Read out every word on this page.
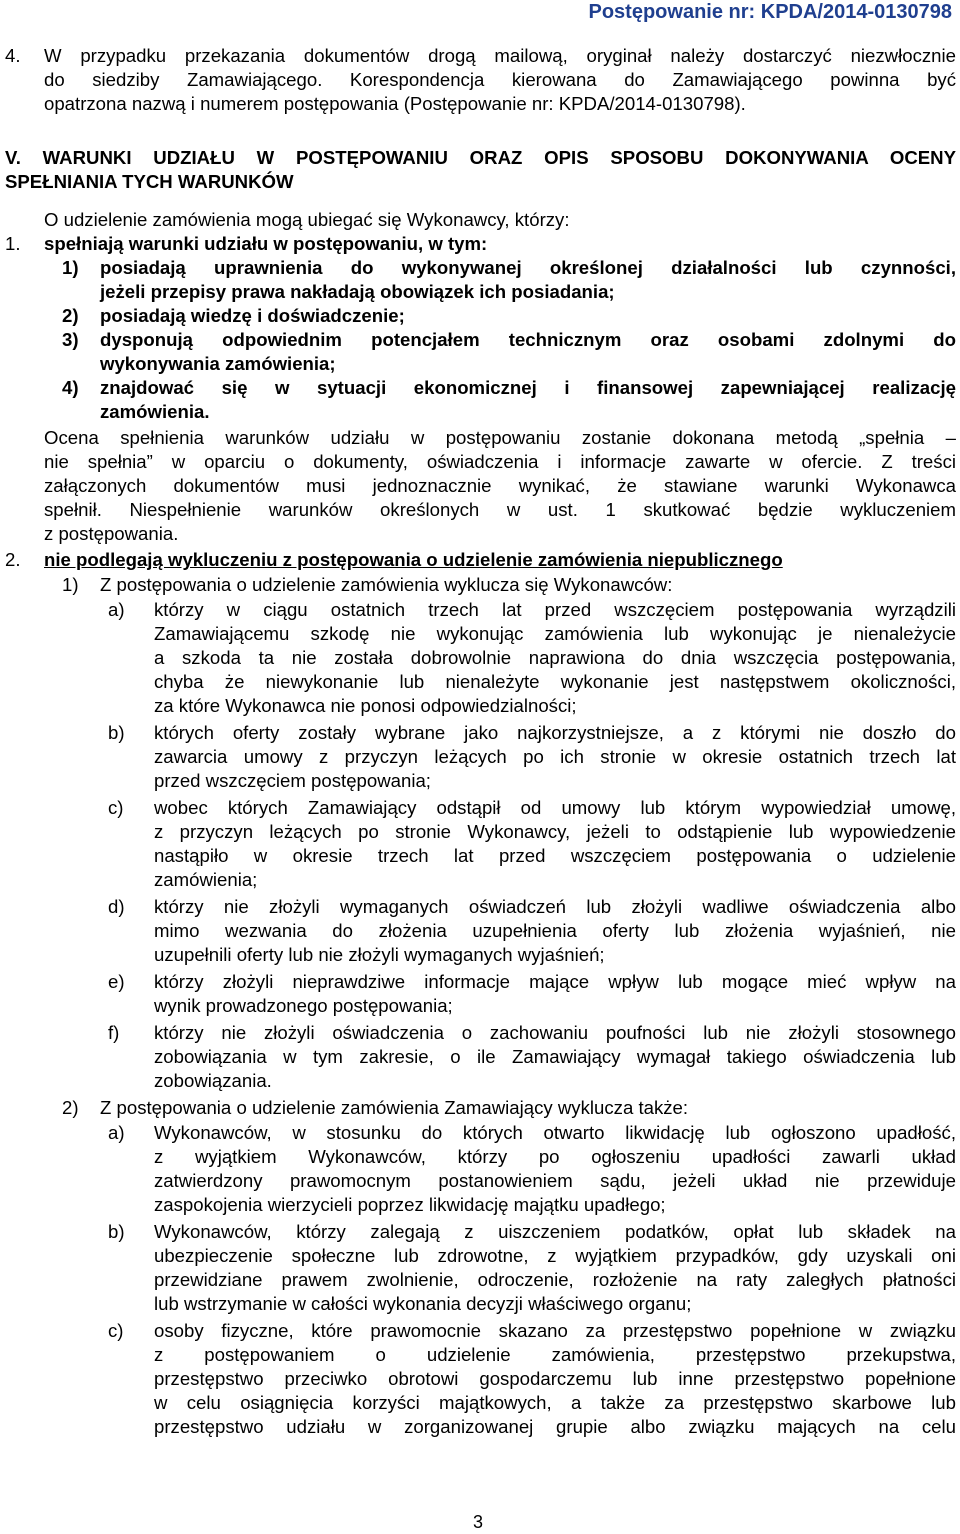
Postępowanie nr: KPDA/2014-0130798
4. W przypadku przekazania dokumentów drogą mailową, oryginał należy dostarczyć niezwłocznie
do siedziby Zamawiającego. Korespondencja kierowana do Zamawiającego powinna być
opatrzona nazwą i numerem postępowania (Postępowanie nr: KPDA/2014-0130798).
V. WARUNKI UDZIAŁU W POSTĘPOWANIU ORAZ OPIS SPOSOBU DOKONYWANIA OCENY
SPEŁNIANIA TYCH WARUNKÓW
O udzielenie zamówienia mogą ubiegać się Wykonawcy, którzy:
1. spełniają warunki udziału w postępowaniu, w tym:
1) posiadają uprawnienia do wykonywanej określonej działalności lub czynności,
jeżeli przepisy prawa nakładają obowiązek ich posiadania;
2) posiadają wiedzę i doświadczenie;
3) dysponują odpowiednim potencjałem technicznym oraz osobami zdolnymi do
wykonywania zamówienia;
4) znajdować się w sytuacji ekonomicznej i finansowej zapewniającej realizację
zamówienia.
Ocena spełnienia warunków udziału w postępowaniu zostanie dokonana metodą „spełnia –
nie spełnia” w oparciu o dokumenty, oświadczenia i informacje zawarte w ofercie. Z treści
załączonych dokumentów musi jednoznacznie wynikać, że stawiane warunki Wykonawca
spełnił. Niespełnienie warunków określonych w ust. 1 skutkować będzie wykluczeniem
z postępowania.
2. nie podlegają wykluczeniu z postępowania o udzielenie zamówienia niepublicznego
1) Z postępowania o udzielenie zamówienia wyklucza się Wykonawców:
a) którzy w ciągu ostatnich trzech lat przed wszczęciem postępowania wyrządzili
Zamawiającemu szkodę nie wykonując zamówienia lub wykonując je nienależycie
a szkoda ta nie została dobrowolnie naprawiona do dnia wszczęcia postępowania,
chyba że niewykonanie lub nienależyte wykonanie jest następstwem okoliczności,
za które Wykonawca nie ponosi odpowiedzialności;
b) których oferty zostały wybrane jako najkorzystniejsze, a z którymi nie doszło do
zawarcia umowy z przyczyn leżących po ich stronie w okresie ostatnich trzech lat
przed wszczęciem postępowania;
c) wobec których Zamawiający odstąpił od umowy lub którym wypowiedział umowę,
z przyczyn leżących po stronie Wykonawcy, jeżeli to odstąpienie lub wypowiedzenie
nastąpiło w okresie trzech lat przed wszczęciem postępowania o udzielenie
zamówienia;
d) którzy nie złożyli wymaganych oświadczeń lub złożyli wadliwe oświadczenia albo
mimo wezwania do złożenia uzupełnienia oferty lub złożenia wyjaśnień, nie
uzupełnili oferty lub nie złożyli wymaganych wyjaśnień;
e) którzy złożyli nieprawdziwe informacje mające wpływ lub mogące mieć wpływ na
wynik prowadzonego postępowania;
f) którzy nie złożyli oświadczenia o zachowaniu poufności lub nie złożyli stosownego
zobowiązania w tym zakresie, o ile Zamawiający wymagał takiego oświadczenia lub
zobowiązania.
2) Z postępowania o udzielenie zamówienia Zamawiający wyklucza także:
a) Wykonawców, w stosunku do których otwarto likwidację lub ogłoszono upadłość,
z wyjątkiem Wykonawców, którzy po ogłoszeniu upadłości zawarli układ
zatwierdzony prawomocnym postanowieniem sądu, jeżeli układ nie przewiduje
zaspokojenia wierzycieli poprzez likwidację majątku upadłego;
b) Wykonawców, którzy zalegają z uiszczeniem podatków, opłat lub składek na
ubezpieczenie społeczne lub zdrowotne, z wyjątkiem przypadków, gdy uzyskali oni
przewidziane prawem zwolnienie, odroczenie, rozłożenie na raty zaległych płatności
lub wstrzymanie w całości wykonania decyzji właściwego organu;
c) osoby fizyczne, które prawomocnie skazano za przestępstwo popełnione w związku
z postępowaniem o udzielenie zamówienia, przestępstwo przekupstwa,
przestępstwo przeciwko obrotowi gospodarczemu lub inne przestępstwo popełnione
w celu osiągnięcia korzyści majątkowych, a także za przestępstwo skarbowe lub
przestępstwo udziału w zorganizowanej grupie albo związku mających na celu
3
